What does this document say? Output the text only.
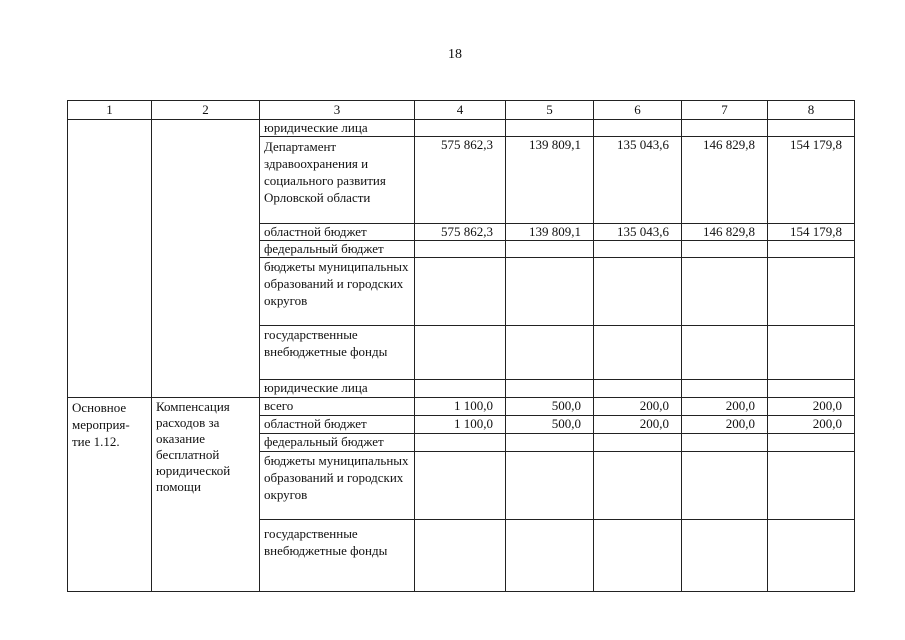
18
1	2	3	4	5	6	7	8
		юридические лица					
		Департамент здравоохранения и социального развития Орловской области	575 862,3	139 809,1	135 043,6	146 829,8	154 179,8
		областной бюджет	575 862,3	139 809,1	135 043,6	146 829,8	154 179,8
		федеральный бюджет					
		бюджеты муниципальных образований и городских округов					
		государственные внебюджетные фонды					
		юридические лица					
Основное мероприя-тие 1.12.	Компенсация расходов за оказание бесплатной юридической помощи	всего	1 100,0	500,0	200,0	200,0	200,0
		областной бюджет	1 100,0	500,0	200,0	200,0	200,0
		федеральный бюджет					
		бюджеты муниципальных образований и городских округов					
		государственные внебюджетные фонды					
